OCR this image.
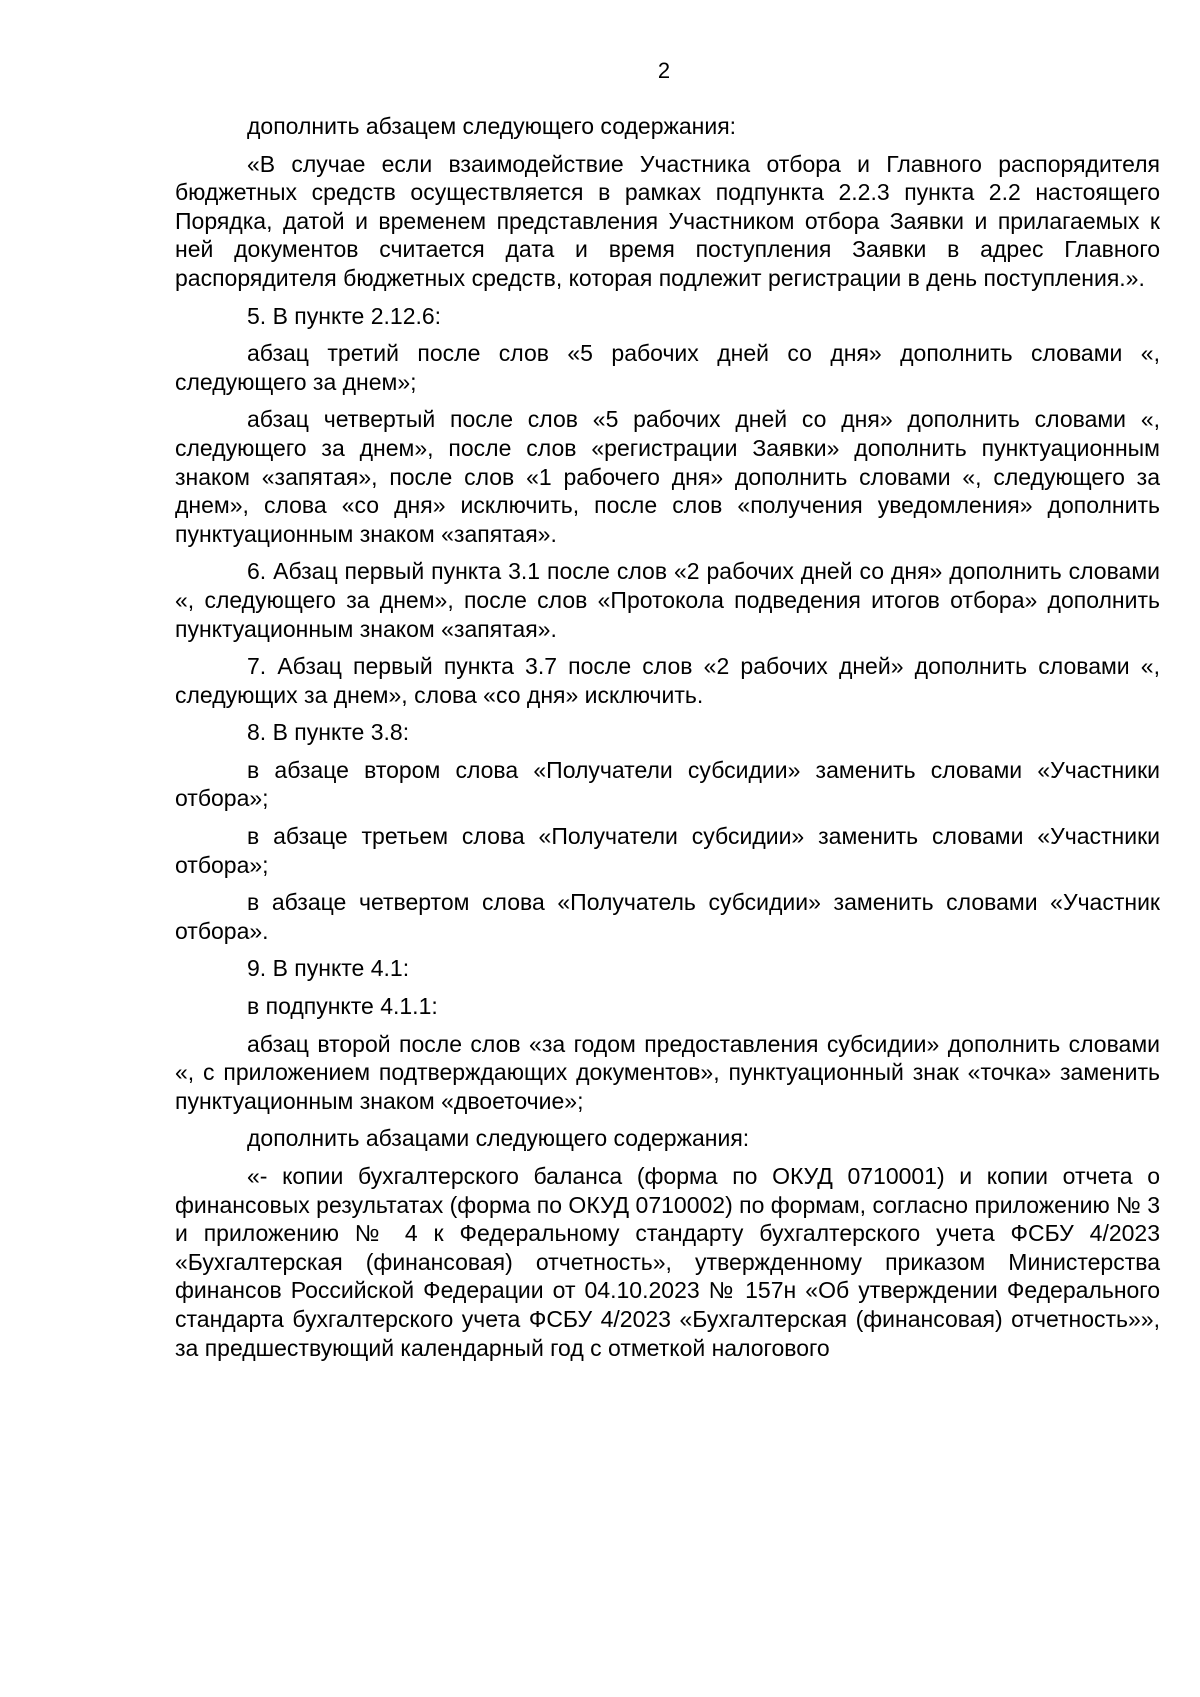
2

дополнить абзацем следующего содержания:

«В случае если взаимодействие Участника отбора и Главного распорядителя бюджетных средств осуществляется в рамках подпункта 2.2.3 пункта 2.2 настоящего Порядка, датой и временем представления Участником отбора Заявки и прилагаемых к ней документов считается дата и время поступления Заявки в адрес Главного распорядителя бюджетных средств, которая подлежит регистрации в день поступления.».

5. В пункте 2.12.6:

абзац третий после слов «5 рабочих дней со дня» дополнить словами «, следующего за днем»;

абзац четвертый после слов «5 рабочих дней со дня» дополнить словами «, следующего за днем», после слов «регистрации Заявки» дополнить пунктуационным знаком «запятая», после слов «1 рабочего дня» дополнить словами «, следующего за днем», слова «со дня» исключить, после слов «получения уведомления» дополнить пунктуационным знаком «запятая».

6. Абзац первый пункта 3.1 после слов «2 рабочих дней со дня» дополнить словами «, следующего за днем», после слов «Протокола подведения итогов отбора» дополнить пунктуационным знаком «запятая».

7. Абзац первый пункта 3.7 после слов «2 рабочих дней» дополнить словами «, следующих за днем», слова «со дня» исключить.

8. В пункте 3.8:

в абзаце втором слова «Получатели субсидии» заменить словами «Участники отбора»;

в абзаце третьем слова «Получатели субсидии» заменить словами «Участники отбора»;

в абзаце четвертом слова «Получатель субсидии» заменить словами «Участник отбора».

9. В пункте 4.1:

в подпункте 4.1.1:

абзац второй после слов «за годом предоставления субсидии» дополнить словами «, с приложением подтверждающих документов», пунктуационный знак «точка» заменить пунктуационным знаком «двоеточие»;

дополнить абзацами следующего содержания:

«- копии бухгалтерского баланса (форма по ОКУД 0710001) и копии отчета о финансовых результатах (форма по ОКУД 0710002) по формам, согласно приложению № 3 и приложению № 4 к Федеральному стандарту бухгалтерского учета ФСБУ 4/2023 «Бухгалтерская (финансовая) отчетность», утвержденному приказом Министерства финансов Российской Федерации от 04.10.2023 № 157н «Об утверждении Федерального стандарта бухгалтерского учета ФСБУ 4/2023 «Бухгалтерская (финансовая) отчетность»», за предшествующий календарный год с отметкой налогового
